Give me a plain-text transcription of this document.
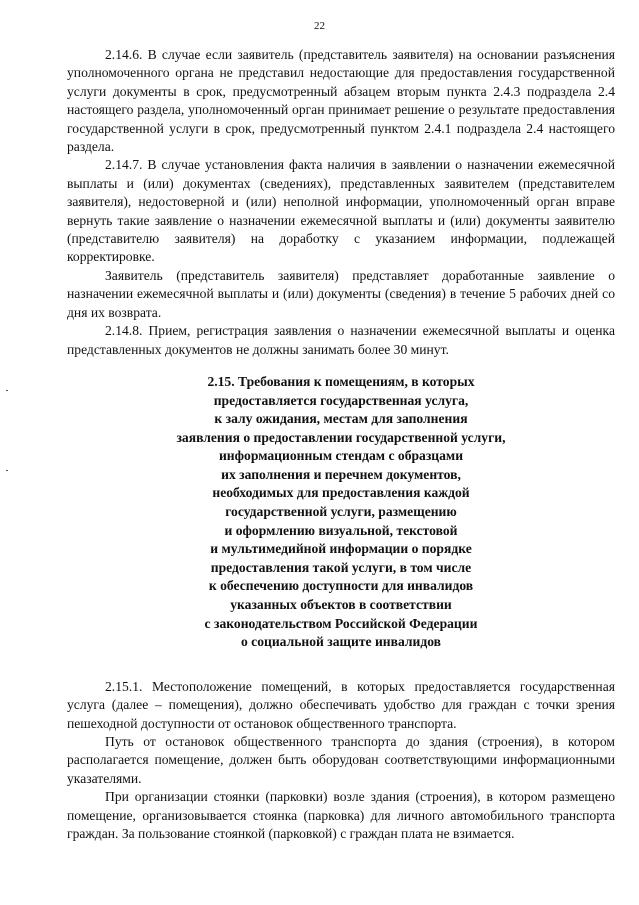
22

2.14.6. В случае если заявитель (представитель заявителя) на основании разъяснения уполномоченного органа не представил недостающие для предоставления государственной услуги документы в срок, предусмотренный абзацем вторым пункта 2.4.3 подраздела 2.4 настоящего раздела, уполномоченный орган принимает решение о результате предоставления государственной услуги в срок, предусмотренный пунктом 2.4.1 подраздела 2.4 настоящего раздела.

2.14.7. В случае установления факта наличия в заявлении о назначении ежемесячной выплаты и (или) документах (сведениях), представленных заявителем (представителем заявителя), недостоверной и (или) неполной информации, уполномоченный орган вправе вернуть такие заявление о назначении ежемесячной выплаты и (или) документы заявителю (представителю заявителя) на доработку с указанием информации, подлежащей корректировке.

Заявитель (представитель заявителя) представляет доработанные заявление о назначении ежемесячной выплаты и (или) документы (сведения) в течение 5 рабочих дней со дня их возврата.

2.14.8. Прием, регистрация заявления о назначении ежемесячной выплаты и оценка представленных документов не должны занимать более 30 минут.

2.15. Требования к помещениям, в которых
предоставляется государственная услуга,
к залу ожидания, местам для заполнения
заявления о предоставлении государственной услуги,
информационным стендам с образцами
их заполнения и перечнем документов,
необходимых для предоставления каждой
государственной услуги, размещению
и оформлению визуальной, текстовой
и мультимедийной информации о порядке
предоставления такой услуги, в том числе
к обеспечению доступности для инвалидов
указанных объектов в соответствии
с законодательством Российской Федерации
о социальной защите инвалидов

2.15.1. Местоположение помещений, в которых предоставляется государственная услуга (далее – помещения), должно обеспечивать удобство для граждан с точки зрения пешеходной доступности от остановок общественного транспорта.

Путь от остановок общественного транспорта до здания (строения), в котором располагается помещение, должен быть оборудован соответствующими информационными указателями.

При организации стоянки (парковки) возле здания (строения), в котором размещено помещение, организовывается стоянка (парковка) для личного автомобильного транспорта граждан. За пользование стоянкой (парковкой) с граждан плата не взимается.
